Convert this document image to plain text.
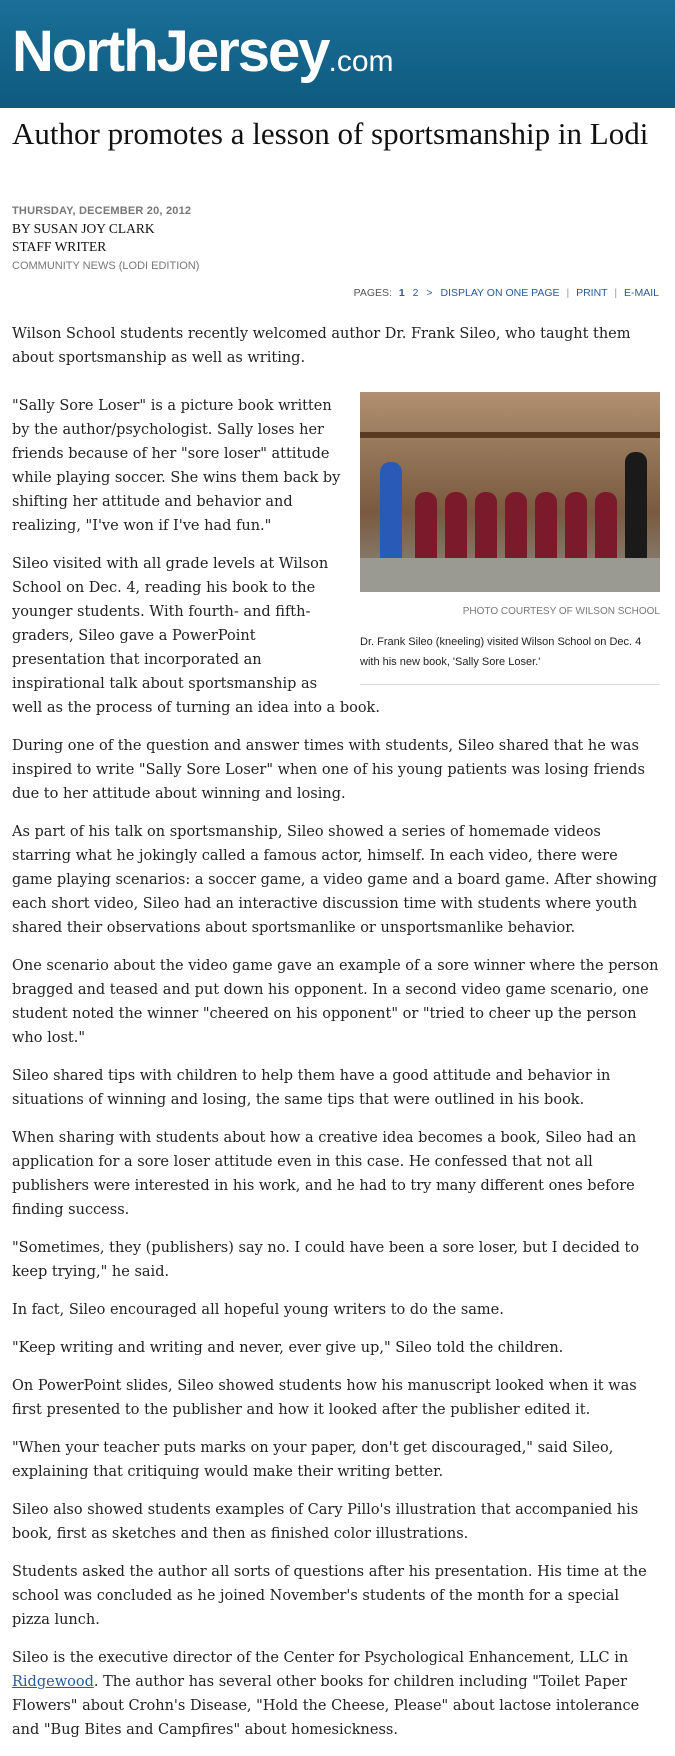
NorthJersey.com
Author promotes a lesson of sportsmanship in Lodi
THURSDAY, DECEMBER 20, 2012
BY SUSAN JOY CLARK
STAFF WRITER
COMMUNITY NEWS (LODI EDITION)
PAGES: 1 2 > DISPLAY ON ONE PAGE | PRINT | E-MAIL

Wilson School students recently welcomed author Dr. Frank Sileo, who taught them about sportsmanship as well as writing.

PHOTO COURTESY OF WILSON SCHOOL
Dr. Frank Sileo (kneeling) visited Wilson School on Dec. 4 with his new book, 'Sally Sore Loser.'

"Sally Sore Loser" is a picture book written by the author/psychologist. Sally loses her friends because of her "sore loser" attitude while playing soccer. She wins them back by shifting her attitude and behavior and realizing, "I've won if I've had fun."

Sileo visited with all grade levels at Wilson School on Dec. 4, reading his book to the younger students. With fourth- and fifth-graders, Sileo gave a PowerPoint presentation that incorporated an inspirational talk about sportsmanship as well as the process of turning an idea into a book.

During one of the question and answer times with students, Sileo shared that he was inspired to write "Sally Sore Loser" when one of his young patients was losing friends due to her attitude about winning and losing.

As part of his talk on sportsmanship, Sileo showed a series of homemade videos starring what he jokingly called a famous actor, himself. In each video, there were game playing scenarios: a soccer game, a video game and a board game. After showing each short video, Sileo had an interactive discussion time with students where youth shared their observations about sportsmanlike or unsportsmanlike behavior.

One scenario about the video game gave an example of a sore winner where the person bragged and teased and put down his opponent. In a second video game scenario, one student noted the winner "cheered on his opponent" or "tried to cheer up the person who lost."

Sileo shared tips with children to help them have a good attitude and behavior in situations of winning and losing, the same tips that were outlined in his book.

When sharing with students about how a creative idea becomes a book, Sileo had an application for a sore loser attitude even in this case. He confessed that not all publishers were interested in his work, and he had to try many different ones before finding success.

"Sometimes, they (publishers) say no. I could have been a sore loser, but I decided to keep trying," he said.

In fact, Sileo encouraged all hopeful young writers to do the same.

"Keep writing and writing and never, ever give up," Sileo told the children.

On PowerPoint slides, Sileo showed students how his manuscript looked when it was first presented to the publisher and how it looked after the publisher edited it.

"When your teacher puts marks on your paper, don't get discouraged," said Sileo, explaining that critiquing would make their writing better.

Sileo also showed students examples of Cary Pillo's illustration that accompanied his book, first as sketches and then as finished color illustrations.

Students asked the author all sorts of questions after his presentation. His time at the school was concluded as he joined November's students of the month for a special pizza lunch.

Sileo is the executive director of the Center for Psychological Enhancement, LLC in Ridgewood. The author has several other books for children including "Toilet Paper Flowers" about Crohn's Disease, "Hold the Cheese, Please" about lactose intolerance and "Bug Bites and Campfires" about homesickness.
